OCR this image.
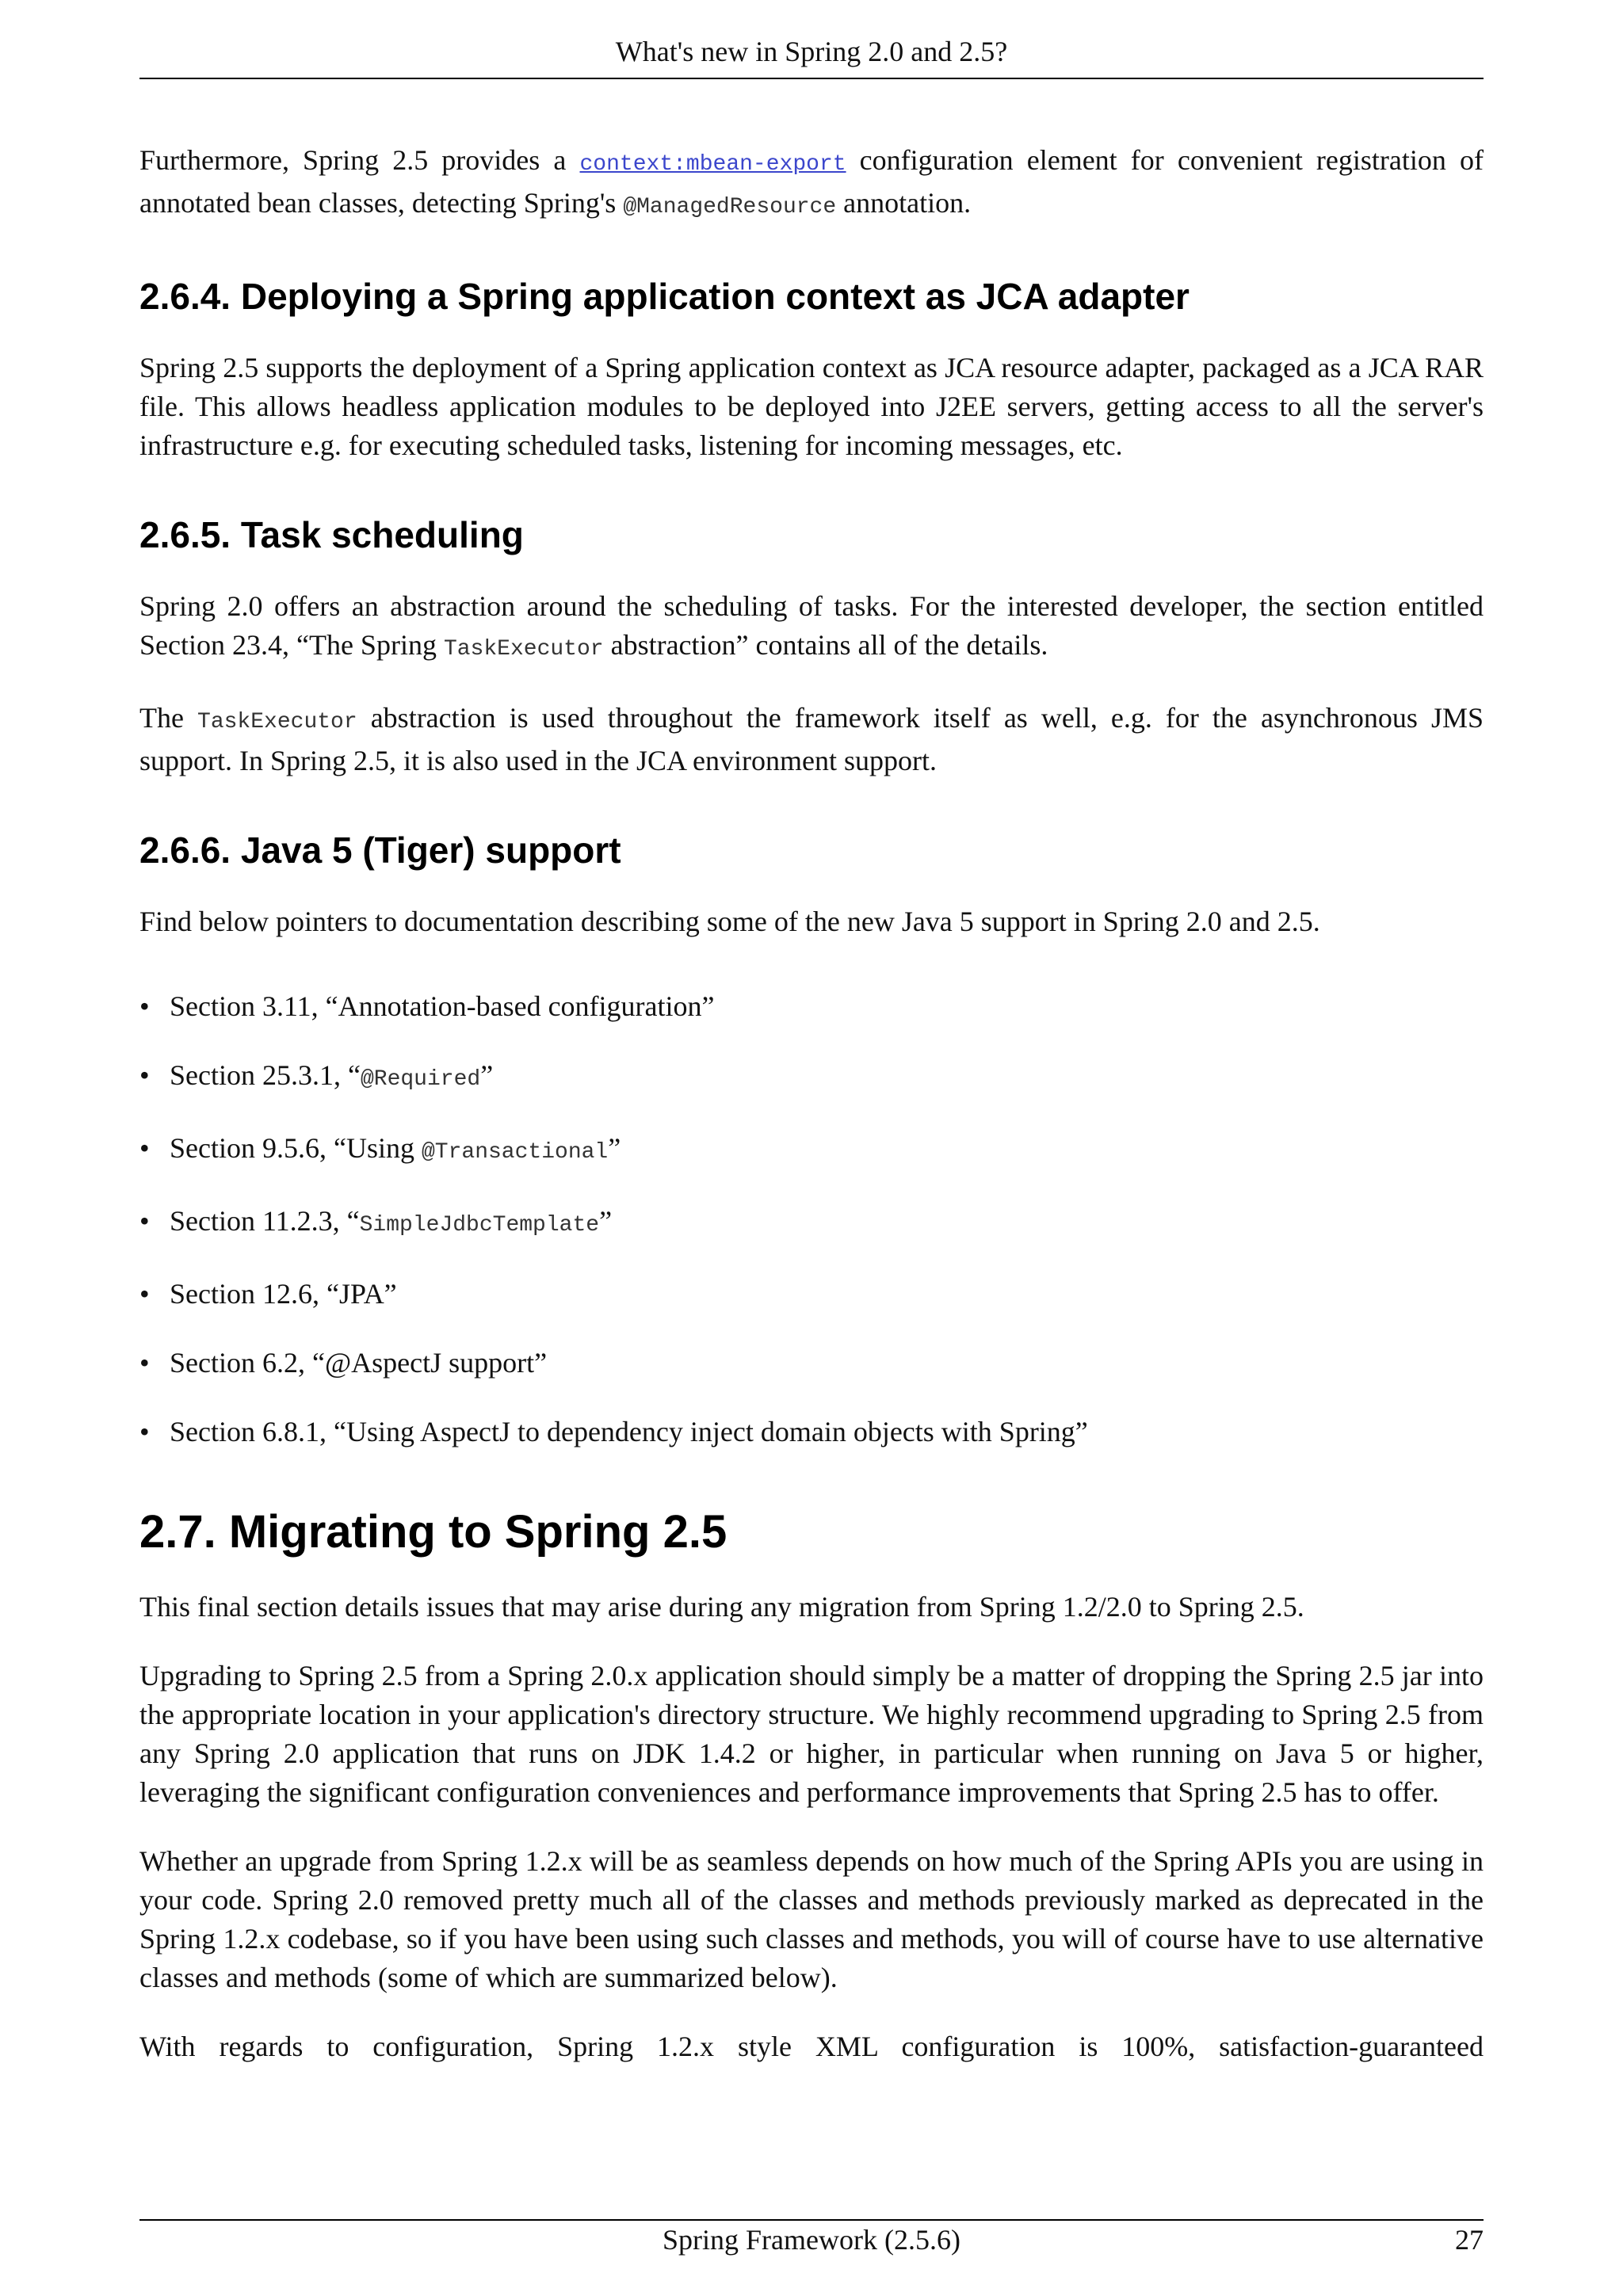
What's new in Spring 2.0 and 2.5?

Furthermore, Spring 2.5 provides a context:mbean-export configuration element for convenient registration of annotated bean classes, detecting Spring's @ManagedResource annotation.

2.6.4. Deploying a Spring application context as JCA adapter

Spring 2.5 supports the deployment of a Spring application context as JCA resource adapter, packaged as a JCA RAR file. This allows headless application modules to be deployed into J2EE servers, getting access to all the server's infrastructure e.g. for executing scheduled tasks, listening for incoming messages, etc.

2.6.5. Task scheduling

Spring 2.0 offers an abstraction around the scheduling of tasks. For the interested developer, the section entitled Section 23.4, “The Spring TaskExecutor abstraction” contains all of the details.

The TaskExecutor abstraction is used throughout the framework itself as well, e.g. for the asynchronous JMS support. In Spring 2.5, it is also used in the JCA environment support.

2.6.6. Java 5 (Tiger) support

Find below pointers to documentation describing some of the new Java 5 support in Spring 2.0 and 2.5.

• Section 3.11, “Annotation-based configuration”
• Section 25.3.1, “@Required”
• Section 9.5.6, “Using @Transactional”
• Section 11.2.3, “SimpleJdbcTemplate”
• Section 12.6, “JPA”
• Section 6.2, “@AspectJ support”
• Section 6.8.1, “Using AspectJ to dependency inject domain objects with Spring”
2.7. Migrating to Spring 2.5

This final section details issues that may arise during any migration from Spring 1.2/2.0 to Spring 2.5.

Upgrading to Spring 2.5 from a Spring 2.0.x application should simply be a matter of dropping the Spring 2.5 jar into the appropriate location in your application's directory structure. We highly recommend upgrading to Spring 2.5 from any Spring 2.0 application that runs on JDK 1.4.2 or higher, in particular when running on Java 5 or higher, leveraging the significant configuration conveniences and performance improvements that Spring 2.5 has to offer.

Whether an upgrade from Spring 1.2.x will be as seamless depends on how much of the Spring APIs you are using in your code. Spring 2.0 removed pretty much all of the classes and methods previously marked as deprecated in the Spring 1.2.x codebase, so if you have been using such classes and methods, you will of course have to use alternative classes and methods (some of which are summarized below).

With regards to configuration, Spring 1.2.x style XML configuration is 100%, satisfaction-guaranteed

Spring Framework (2.5.6)	27
